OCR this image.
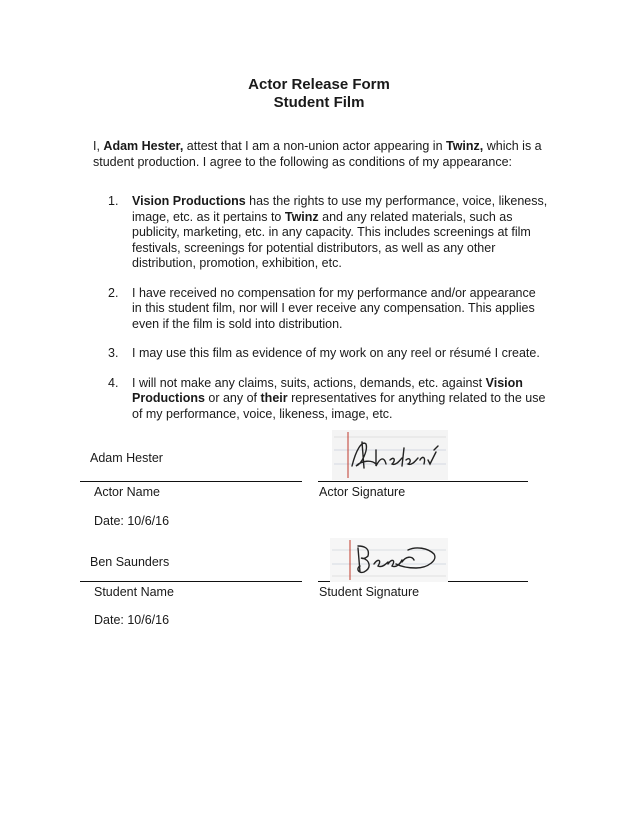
Actor Release Form
Student Film
I, Adam Hester, attest that I am a non-union actor appearing in Twinz, which is a student production. I agree to the following as conditions of my appearance:
1. Vision Productions has the rights to use my performance, voice, likeness, image, etc. as it pertains to Twinz and any related materials, such as publicity, marketing, etc. in any capacity. This includes screenings at film festivals, screenings for potential distributors, as well as any other distribution, promotion, exhibition, etc.
2. I have received no compensation for my performance and/or appearance in this student film, nor will I ever receive any compensation. This applies even if the film is sold into distribution.
3. I may use this film as evidence of my work on any reel or résumé I create.
4. I will not make any claims, suits, actions, demands, etc. against Vision Productions or any of their representatives for anything related to the use of my performance, voice, likeness, image, etc.
Adam Hester
Actor Name	Actor Signature
Date: 10/6/16
Ben Saunders
Student Name	Student Signature
Date: 10/6/16
